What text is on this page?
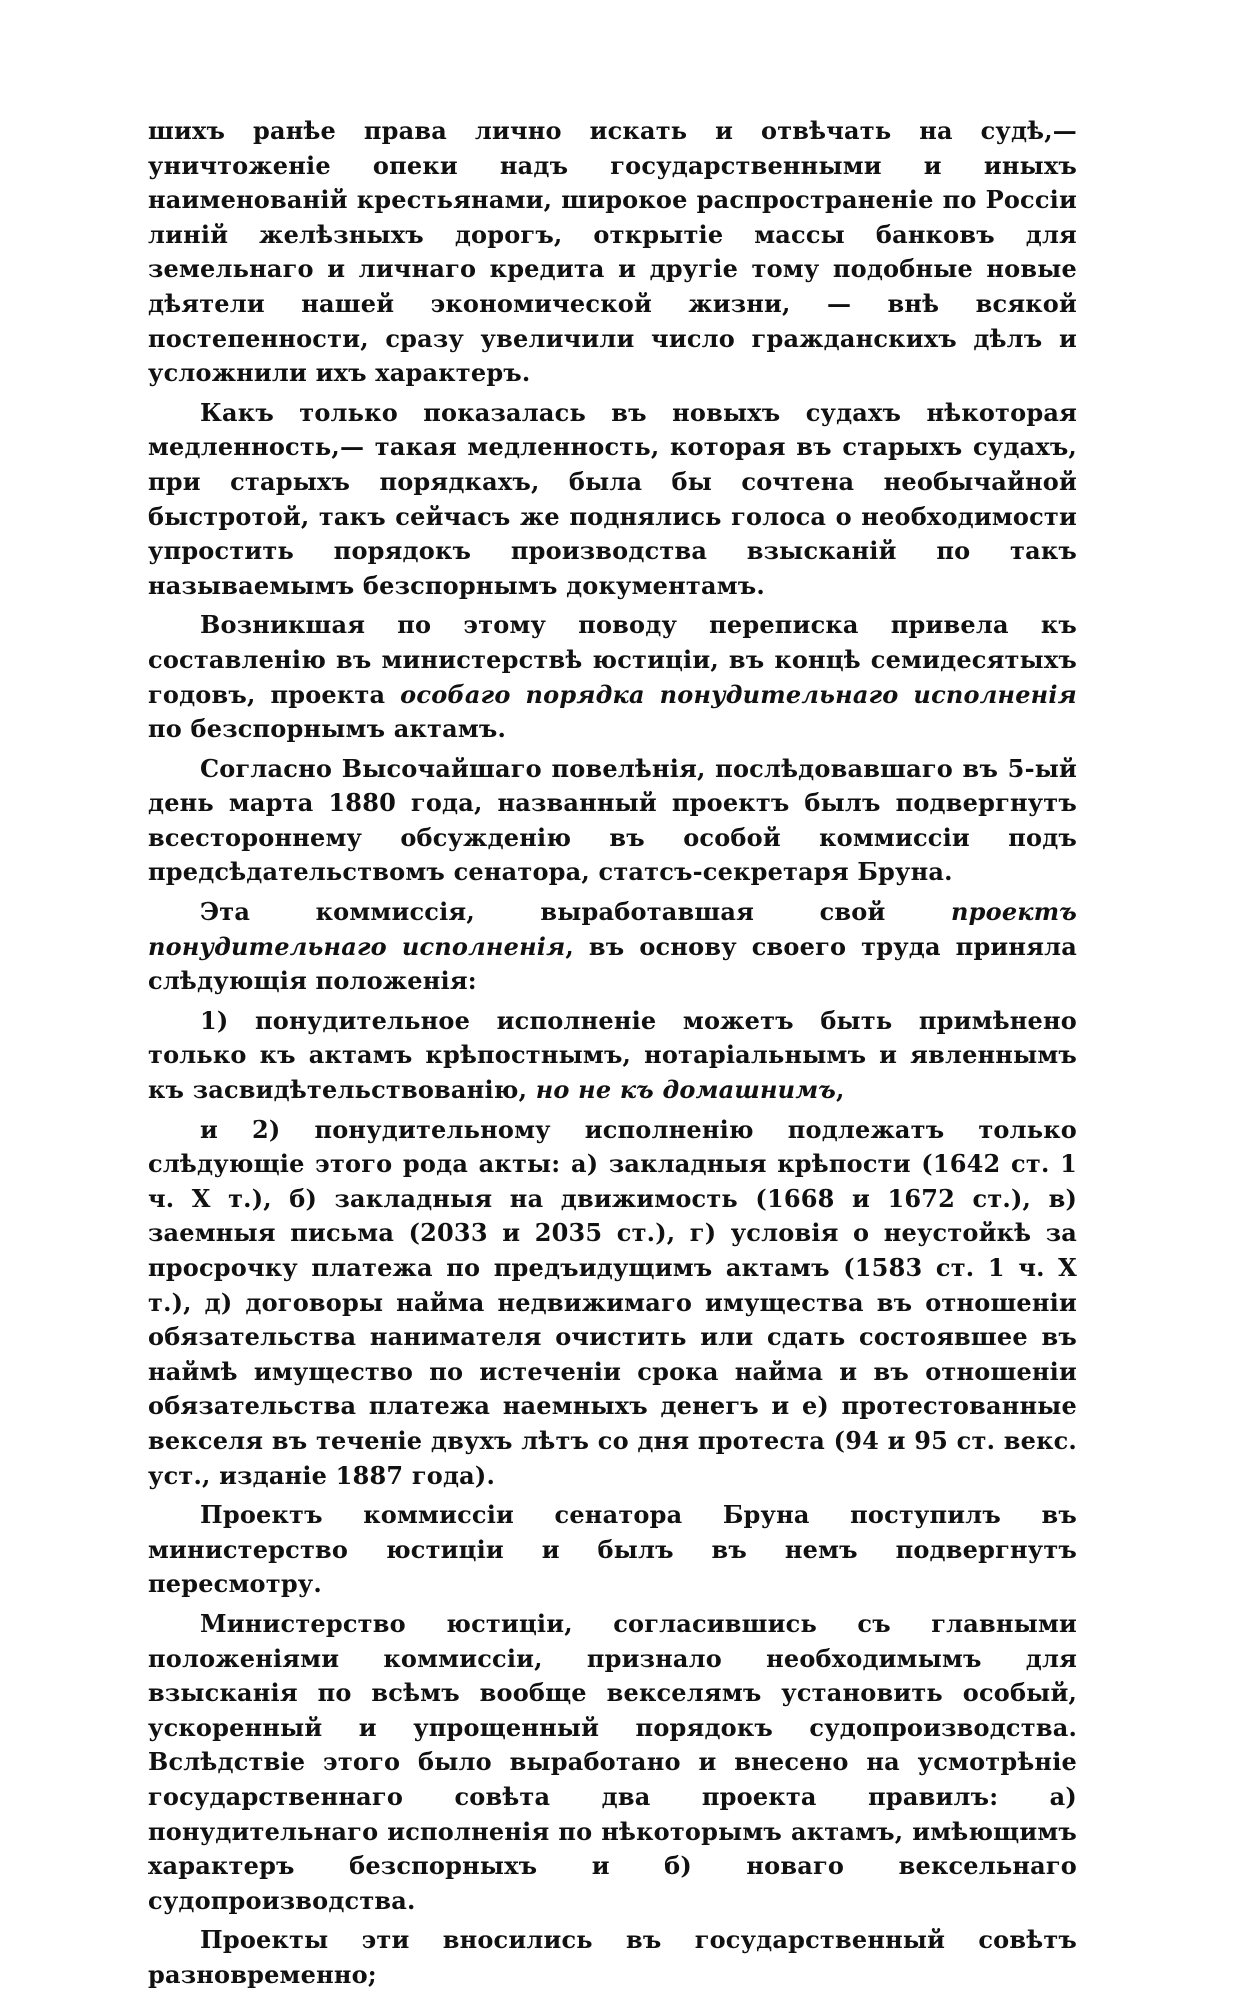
шихъ ранѣе права лично искать и отвѣчать на судѣ,—уничтоженіе опеки надъ государственными и иныхъ наименованій крестьянами, широкое распространеніе по Россіи линій желѣзныхъ дорогъ, открытіе массы банковъ для земельнаго и личнаго кредита и другіе тому подобные новые дѣятели нашей экономической жизни, — внѣ всякой постепенности, сразу увеличили число гражданскихъ дѣлъ и усложнили ихъ характеръ.

Какъ только показалась въ новыхъ судахъ нѣкоторая медленность,— такая медленность, которая въ старыхъ судахъ, при старыхъ порядкахъ, была бы сочтена необычайной быстротой, такъ сейчасъ же поднялись голоса о необходимости упростить порядокъ производства взысканій по такъ называемымъ безспорнымъ документамъ.

Возникшая по этому поводу переписка привела къ составленію въ министерствѣ юстиціи, въ концѣ семидесятыхъ годовъ, проекта особаго порядка понудительнаго исполненія по безспорнымъ актамъ.

Согласно Высочайшаго повелѣнія, послѣдовавшаго въ 5-ый день марта 1880 года, названный проектъ былъ подвергнутъ всестороннему обсужденію въ особой коммиссіи подъ предсѣдательствомъ сенатора, статсъ-секретаря Бруна.

Эта коммиссія, выработавшая свой проектъ понудительнаго исполненія, въ основу своего труда приняла слѣдующія положенія:

1) понудительное исполненіе можетъ быть примѣнено только къ актамъ крѣпостнымъ, нотаріальнымъ и явленнымъ къ засвидѣтельствованію, но не къ домашнимъ,

и 2) понудительному исполненію подлежатъ только слѣдующіе этого рода акты: а) закладныя крѣпости (1642 ст. 1 ч. X т.), б) закладныя на движимость (1668 и 1672 ст.), в) заемныя письма (2033 и 2035 ст.), г) условія о неустойкѣ за просрочку платежа по предъидущимъ актамъ (1583 ст. 1 ч. X т.), д) договоры найма недвижимаго имущества въ отношеніи обязательства нанимателя очистить или сдать состоявшее въ наймѣ имущество по истеченіи срока найма и въ отношеніи обязательства платежа наемныхъ денегъ и е) протестованные векселя въ теченіе двухъ лѣтъ со дня протеста (94 и 95 ст. векс. уст., изданіе 1887 года).

Проектъ коммиссіи сенатора Бруна поступилъ въ министерство юстиціи и былъ въ немъ подвергнутъ пересмотру.

Министерство юстиціи, согласившись съ главными положеніями коммиссіи, признало необходимымъ для взысканія по всѣмъ вообще векселямъ установить особый, ускоренный и упрощенный порядокъ судопроизводства. Вслѣдствіе этого было выработано и внесено на усмотрѣніе государственнаго совѣта два проекта правилъ: а) понудительнаго исполненія по нѣкоторымъ актамъ, имѣющимъ характеръ безспорныхъ и б) новаго вексельнаго судопроизводства.

Проекты эти вносились въ государственный совѣтъ разновременно;
